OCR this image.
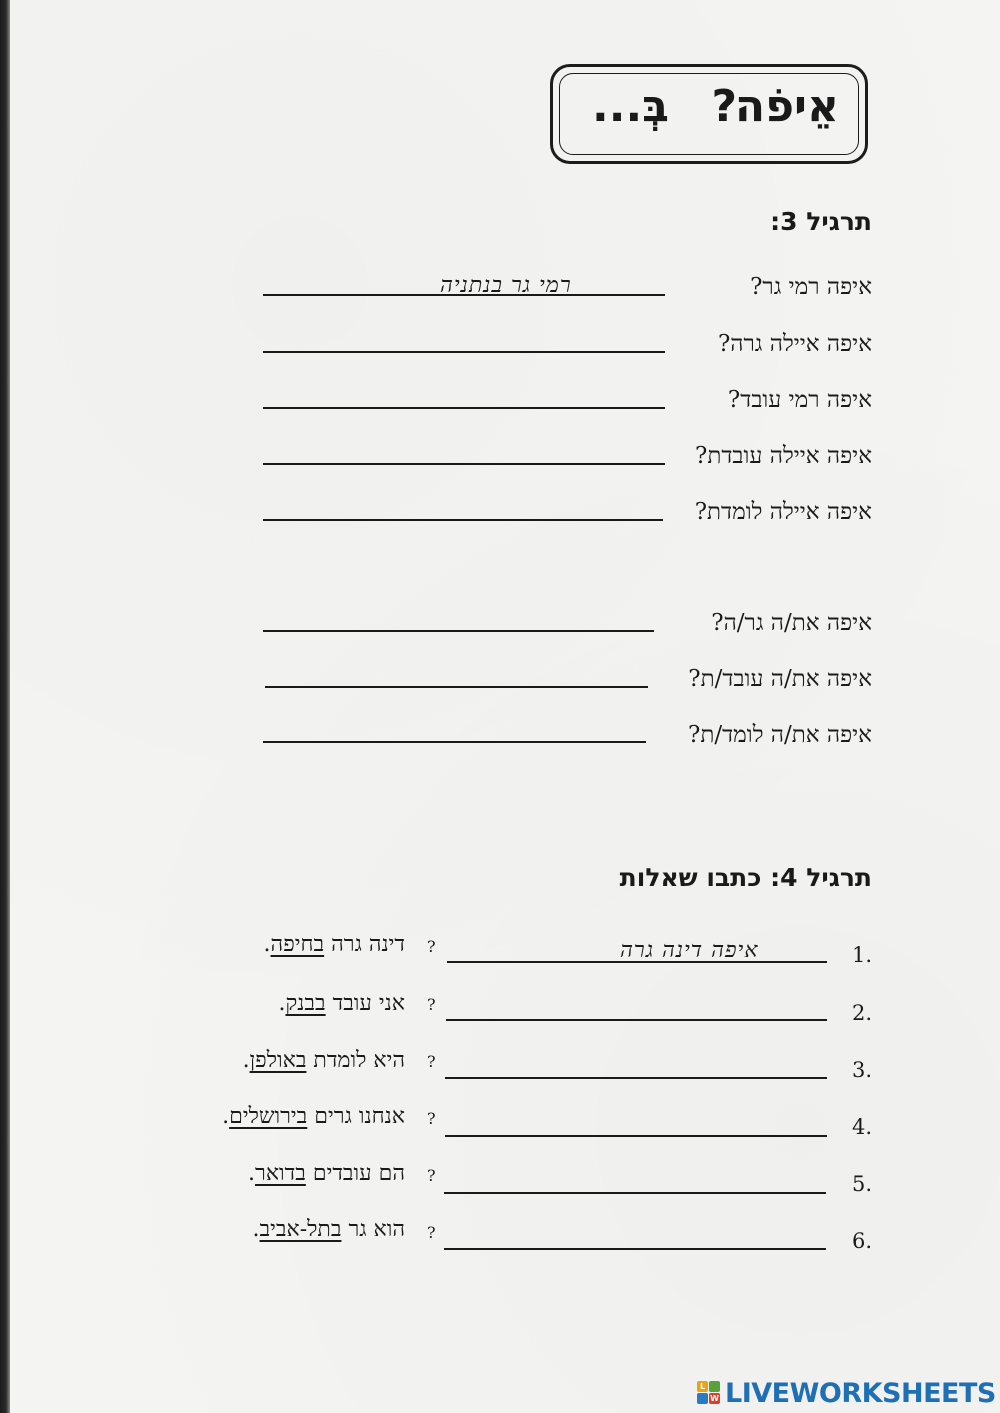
אֵיפֹה
?
בְּ...
תרגיל 3:
איפה רמי גר?
רמי גר בנתניה
איפה איילה גרה?
איפה רמי עובד?
איפה איילה עובדת?
איפה איילה לומדת?
איפה את/ה גר/ה?
איפה את/ה עובד/ת?
איפה את/ה לומד/ת?
תרגיל 4: כתבו שאלות
1.
איפה דינה גרה
?
דינה גרה בחיפה.
2.
?
אני עובד בבנק.
3.
?
היא לומדת באולפן.
4.
?
אנחנו גרים בירושלים.
5.
?
הם עובדים בדואר.
6.
?
הוא גר בתל-אביב.
L
W LIVEWORKSHEETS
